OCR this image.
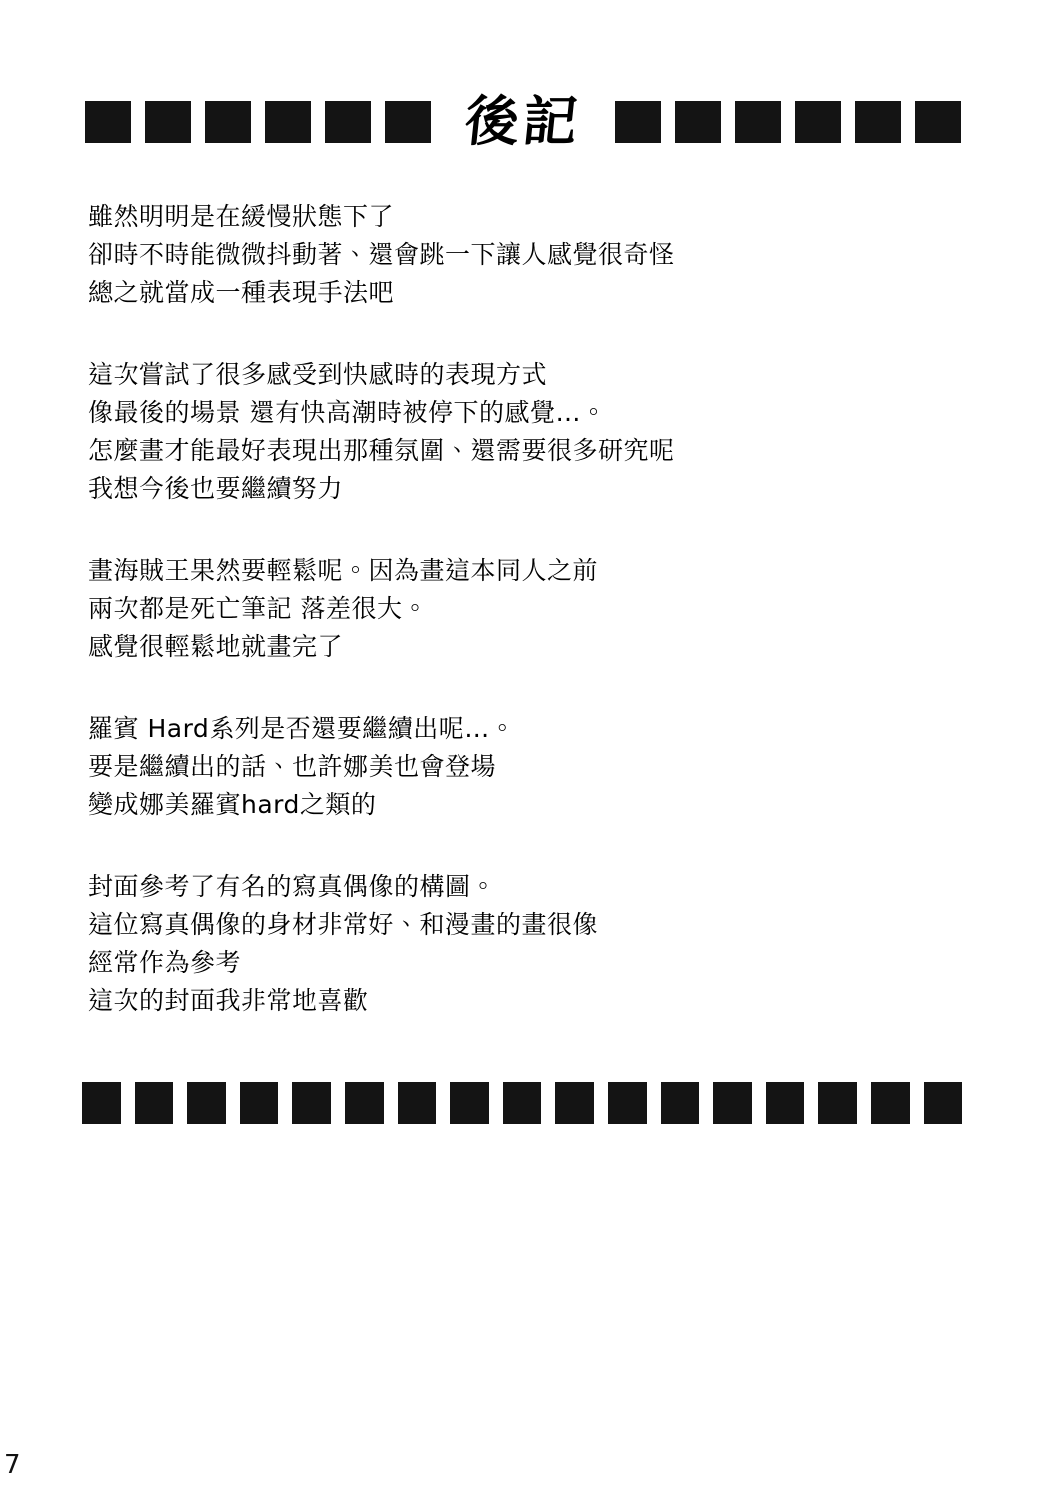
後記
雖然明明是在緩慢狀態下了
卻時不時能微微抖動著、還會跳一下讓人感覺很奇怪
總之就當成一種表現手法吧
這次嘗試了很多感受到快感時的表現方式
像最後的場景 還有快高潮時被停下的感覺…。
怎麼畫才能最好表現出那種氛圍、還需要很多研究呢
我想今後也要繼續努力
畫海賊王果然要輕鬆呢。因為畫這本同人之前
兩次都是死亡筆記 落差很大。
感覺很輕鬆地就畫完了
羅賓 Hard系列是否還要繼續出呢…。
要是繼續出的話、也許娜美也會登場
變成娜美羅賓hard之類的
封面參考了有名的寫真偶像的構圖。
這位寫真偶像的身材非常好、和漫畫的畫很像
經常作為參考
這次的封面我非常地喜歡
7
